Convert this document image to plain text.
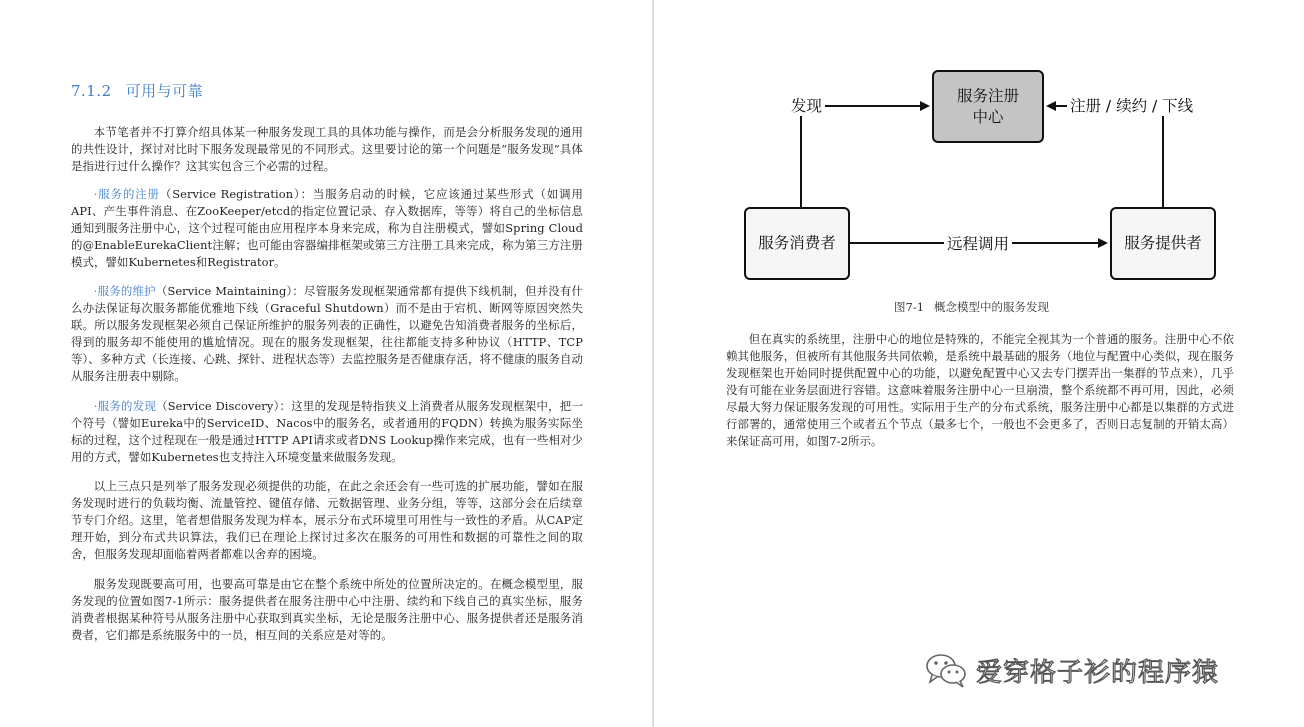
7.1.2 可用与可靠

本节笔者并不打算介绍具体某一种服务发现工具的具体功能与操作，而是会分析服务发现的通用的共性设计，探讨对比时下服务发现最常见的不同形式。这里要讨论的第一个问题是“服务发现”具体是指进行过什么操作？这其实包含三个必需的过程。

·服务的注册（Service Registration）：当服务启动的时候，它应该通过某些形式（如调用API、产生事件消息、在ZooKeeper/etcd的指定位置记录、存入数据库，等等）将自己的坐标信息通知到服务注册中心，这个过程可能由应用程序本身来完成，称为自注册模式，譬如Spring Cloud的@EnableEurekaClient注解；也可能由容器编排框架或第三方注册工具来完成，称为第三方注册模式，譬如Kubernetes和Registrator。

·服务的维护（Service Maintaining）：尽管服务发现框架通常都有提供下线机制，但并没有什么办法保证每次服务都能优雅地下线（Graceful Shutdown）而不是由于宕机、断网等原因突然失联。所以服务发现框架必须自己保证所维护的服务列表的正确性，以避免告知消费者服务的坐标后，得到的服务却不能使用的尴尬情况。现在的服务发现框架，往往都能支持多种协议（HTTP、TCP等）、多种方式（长连接、心跳、探针、进程状态等）去监控服务是否健康存活，将不健康的服务自动从服务注册表中剔除。

·服务的发现（Service Discovery）：这里的发现是特指狭义上消费者从服务发现框架中，把一个符号（譬如Eureka中的ServiceID、Nacos中的服务名，或者通用的FQDN）转换为服务实际坐标的过程，这个过程现在一般是通过HTTP API请求或者DNS Lookup操作来完成，也有一些相对少用的方式，譬如Kubernetes也支持注入环境变量来做服务发现。

以上三点只是列举了服务发现必须提供的功能，在此之余还会有一些可选的扩展功能，譬如在服务发现时进行的负载均衡、流量管控、键值存储、元数据管理、业务分组，等等，这部分会在后续章节专门介绍。这里，笔者想借服务发现为样本，展示分布式环境里可用性与一致性的矛盾。从CAP定理开始，到分布式共识算法，我们已在理论上探讨过多次在服务的可用性和数据的可靠性之间的取舍，但服务发现却面临着两者都难以舍弃的困境。

服务发现既要高可用，也要高可靠是由它在整个系统中所处的位置所决定的。在概念模型里，服务发现的位置如图7-1所示：服务提供者在服务注册中心中注册、续约和下线自己的真实坐标，服务消费者根据某种符号从服务注册中心获取到真实坐标，无论是服务注册中心、服务提供者还是服务消费者，它们都是系统服务中的一员，相互间的关系应是对等的。

服务注册中心
服务消费者	服务提供者
发现	注册 / 续约 / 下线
远程调用
图7-1 概念模型中的服务发现

但在真实的系统里，注册中心的地位是特殊的，不能完全视其为一个普通的服务。注册中心不依赖其他服务，但被所有其他服务共同依赖，是系统中最基础的服务（地位与配置中心类似，现在服务发现框架也开始同时提供配置中心的功能，以避免配置中心又去专门摆弄出一集群的节点来），几乎没有可能在业务层面进行容错。这意味着服务注册中心一旦崩溃，整个系统都不再可用，因此，必须尽最大努力保证服务发现的可用性。实际用于生产的分布式系统，服务注册中心都是以集群的方式进行部署的，通常使用三个或者五个节点（最多七个，一般也不会更多了，否则日志复制的开销太高）来保证高可用，如图7-2所示。

爱穿格子衫的程序猿
